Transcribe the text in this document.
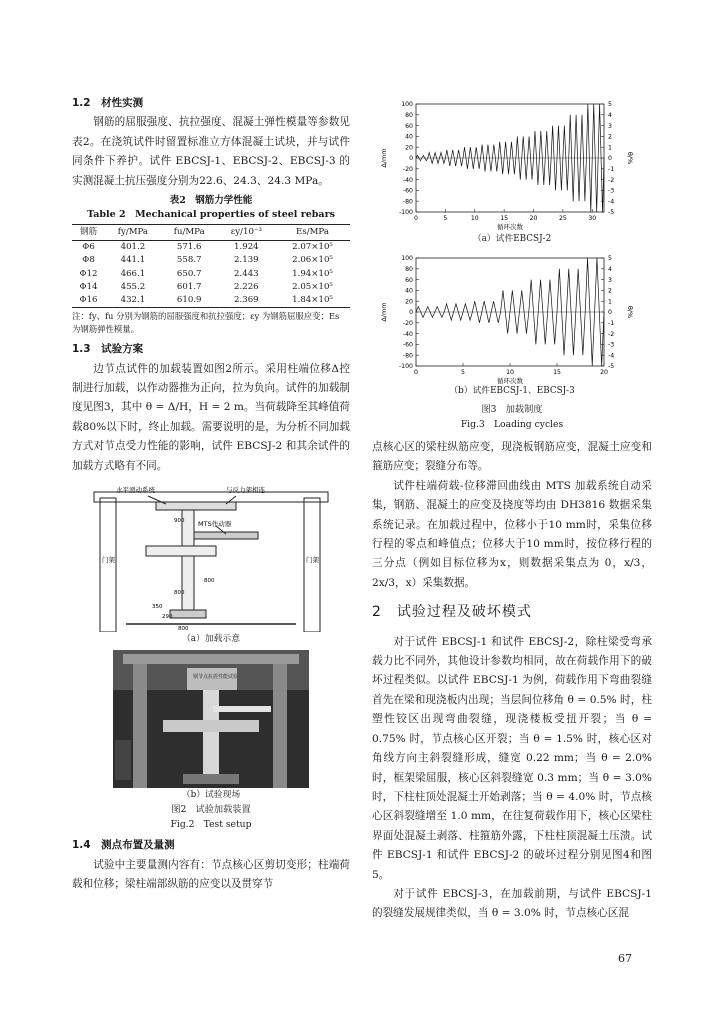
1.2　材性实测

钢筋的屈服强度、抗拉强度、混凝土弹性模量等参数见表2。在浇筑试件时留置标准立方体混凝土试块，并与试件同条件下养护。试件 EBCSJ-1、EBCSJ-2、EBCSJ-3 的实测混凝土抗压强度分别为22.6、24.3、24.3 MPa。

表2　钢筋力学性能
Table 2　Mechanical properties of steel rebars
钢筋	fy/MPa	fu/MPa	εy/10⁻³	Es/MPa
Φ6	401.2	571.6	1.924	2.07×10⁵
Φ8	441.1	558.7	2.139	2.06×10⁵
Φ12	466.1	650.7	2.443	1.94×10⁵
Φ14	455.2	601.7	2.226	2.05×10⁵
Φ16	432.1	610.9	2.369	1.84×10⁵

注：fy、fu 分别为钢筋的屈服强度和抗拉强度；εy 为钢筋屈服应变；Es 为钢筋弹性模量。

1.3　试验方案

边节点试件的加载装置如图2所示。采用柱端位移Δ控制进行加载，以作动器推为正向，拉为负向。试件的加载制度见图3，其中 θ = Δ/H，H = 2 m。当荷载降至其峰值荷载80%以下时，终止加载。需要说明的是，为分析不同加载方式对节点受力性能的影响，试件 EBCSJ-2 和其余试件的加载方式略有不同。

水平滑动系统	与反力架相连
MTS作动器
门架	门架
900
800
350
290
800
800
（a）加载示意
钢节点抗震性能试验
（b）试验现场
图2　试验加载装置
Fig.2　Test setup

1.4　测点布置及量测

试验中主要量测内容有：节点核心区剪切变形；柱端荷载和位移；梁柱端部纵筋的应变以及贯穿节

-100
-80
-60
-40
-20
0
20
40
60
80
100
-5
-4
-3
-2
-1
0
1
2
3
4
5
0	5	10	15	20	25	30
Δ/mm	θ/%
循环次数
（a）试件EBCSJ-2
-100
-80
-60
-40
-20
0
20
40
60
80
100
-5
-4
-3
-2
-1
0
1
2
3
4
5
0	5	10	15	20
Δ/mm	θ/%
循环次数
（b）试件EBCSJ-1、EBCSJ-3
图3　加载制度
Fig.3　Loading cycles

点核心区的梁柱纵筋应变，现浇板钢筋应变，混凝土应变和箍筋应变；裂缝分布等。

试件柱端荷载-位移滞回曲线由 MTS 加载系统自动采集，钢筋、混凝土的应变及挠度等均由 DH3816 数据采集系统记录。在加载过程中，位移小于10 mm时，采集位移行程的零点和峰值点；位移大于10 mm时，按位移行程的三分点（例如目标位移为x，则数据采集点为 0，x/3，2x/3，x）采集数据。

2　试验过程及破坏模式

对于试件 EBCSJ-1 和试件 EBCSJ-2，除柱梁受弯承载力比不同外，其他设计参数均相同，故在荷载作用下的破坏过程类似。以试件 EBCSJ-1 为例，荷载作用下弯曲裂缝首先在梁和现浇板内出现；当层间位移角 θ = 0.5% 时，柱塑性铰区出现弯曲裂缝，现浇楼板受扭开裂；当 θ = 0.75% 时，节点核心区开裂；当 θ = 1.5% 时，核心区对角线方向主斜裂缝形成，缝宽 0.22 mm；当 θ = 2.0% 时，框架梁屈服，核心区斜裂缝宽 0.3 mm；当 θ = 3.0% 时，下柱柱顶处混凝土开始剥落；当 θ = 4.0% 时，节点核心区斜裂缝增至 1.0 mm，在往复荷载作用下，核心区梁柱界面处混凝土剥落、柱箍筋外露，下柱柱顶混凝土压溃。试件 EBCSJ-1 和试件 EBCSJ-2 的破坏过程分别见图4和图5。

对于试件 EBCSJ-3，在加载前期，与试件 EBCSJ-1 的裂缝发展规律类似，当 θ = 3.0% 时，节点核心区混

67
